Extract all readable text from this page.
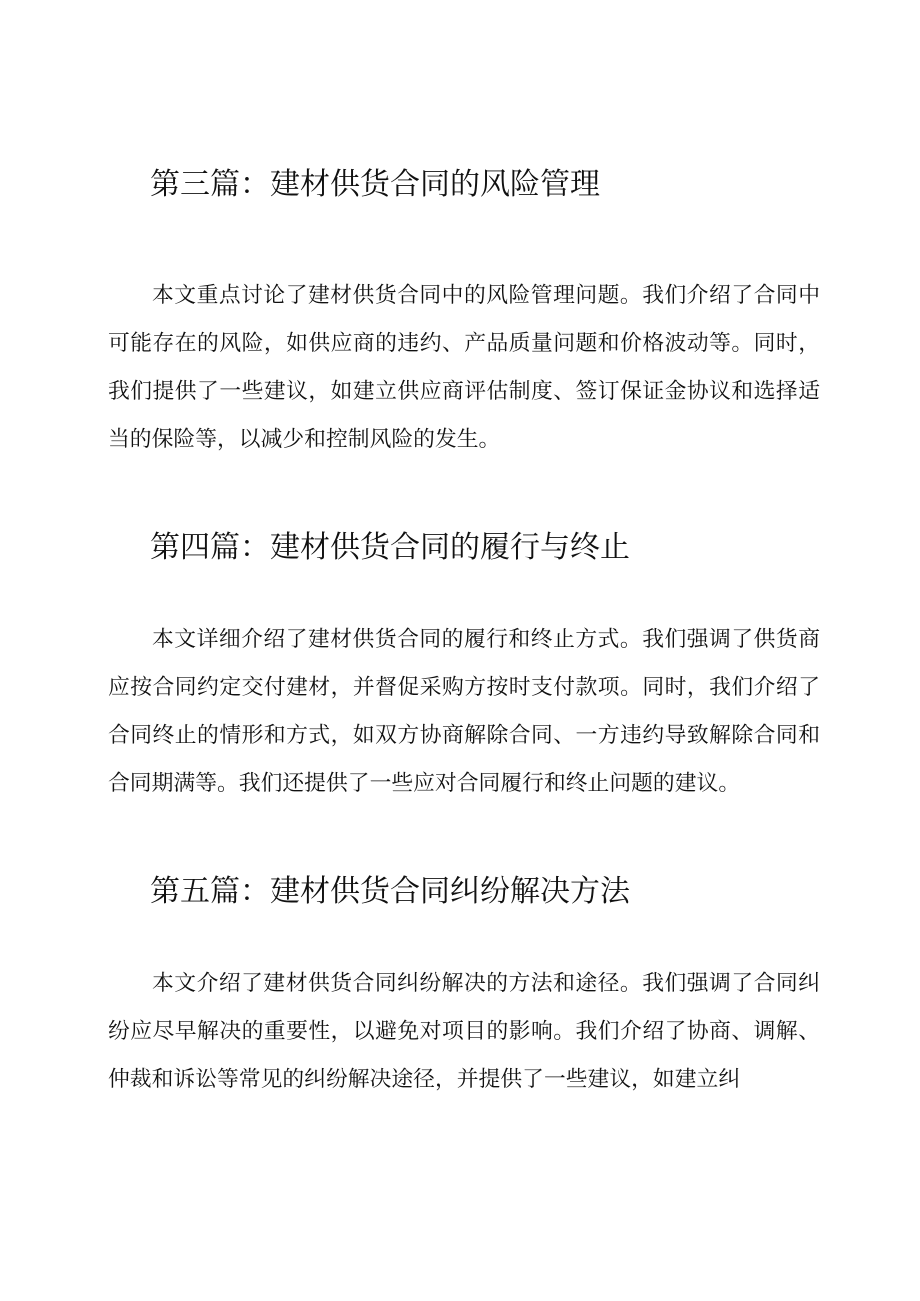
第三篇：建材供货合同的风险管理

本文重点讨论了建材供货合同中的风险管理问题。我们介绍了合同中可能存在的风险，如供应商的违约、产品质量问题和价格波动等。同时，我们提供了一些建议，如建立供应商评估制度、签订保证金协议和选择适当的保险等，以减少和控制风险的发生。

第四篇：建材供货合同的履行与终止

本文详细介绍了建材供货合同的履行和终止方式。我们强调了供货商应按合同约定交付建材，并督促采购方按时支付款项。同时，我们介绍了合同终止的情形和方式，如双方协商解除合同、一方违约导致解除合同和合同期满等。我们还提供了一些应对合同履行和终止问题的建议。

第五篇：建材供货合同纠纷解决方法

本文介绍了建材供货合同纠纷解决的方法和途径。我们强调了合同纠纷应尽早解决的重要性，以避免对项目的影响。我们介绍了协商、调解、仲裁和诉讼等常见的纠纷解决途径，并提供了一些建议，如建立纠
